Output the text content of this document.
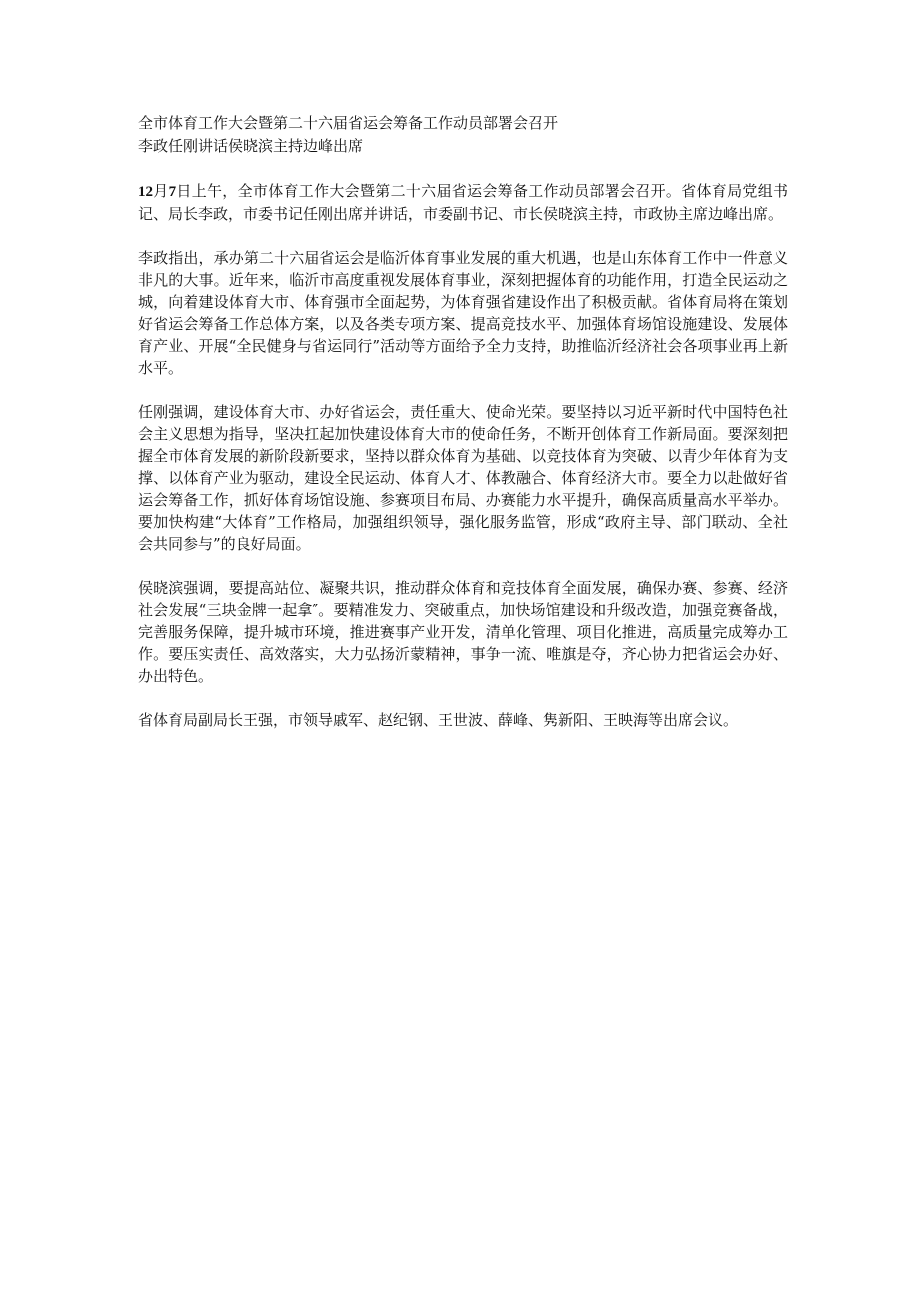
全市体育工作大会暨第二十六届省运会筹备工作动员部署会召开

李政任刚讲话侯晓滨主持边峰出席

12月7日上午，全市体育工作大会暨第二十六届省运会筹备工作动员部署会召开。省体育局党组书记、局长李政，市委书记任刚出席并讲话，市委副书记、市长侯晓滨主持，市政协主席边峰出席。

李政指出，承办第二十六届省运会是临沂体育事业发展的重大机遇，也是山东体育工作中一件意义非凡的大事。近年来，临沂市高度重视发展体育事业，深刻把握体育的功能作用，打造全民运动之城，向着建设体育大市、体育强市全面起势，为体育强省建设作出了积极贡献。省体育局将在策划好省运会筹备工作总体方案，以及各类专项方案、提高竞技水平、加强体育场馆设施建设、发展体育产业、开展“全民健身与省运同行”活动等方面给予全力支持，助推临沂经济社会各项事业再上新水平。

任刚强调，建设体育大市、办好省运会，责任重大、使命光荣。要坚持以习近平新时代中国特色社会主义思想为指导，坚决扛起加快建设体育大市的使命任务，不断开创体育工作新局面。要深刻把握全市体育发展的新阶段新要求，坚持以群众体育为基础、以竞技体育为突破、以青少年体育为支撑、以体育产业为驱动，建设全民运动、体育人才、体教融合、体育经济大市。要全力以赴做好省运会筹备工作，抓好体育场馆设施、参赛项目布局、办赛能力水平提升，确保高质量高水平举办。要加快构建“大体育”工作格局，加强组织领导，强化服务监管，形成“政府主导、部门联动、全社会共同参与”的良好局面。

侯晓滨强调，要提高站位、凝聚共识，推动群众体育和竞技体育全面发展，确保办赛、参赛、经济社会发展“三块金牌一起拿″。要精准发力、突破重点，加快场馆建设和升级改造，加强竞赛备战，完善服务保障，提升城市环境，推进赛事产业开发，清单化管理、项目化推进，高质量完成筹办工作。要压实责任、高效落实，大力弘扬沂蒙精神，事争一流、唯旗是夺，齐心协力把省运会办好、办出特色。

省体育局副局长王强，市领导戚军、赵纪钢、王世波、薛峰、隽新阳、王映海等出席会议。
